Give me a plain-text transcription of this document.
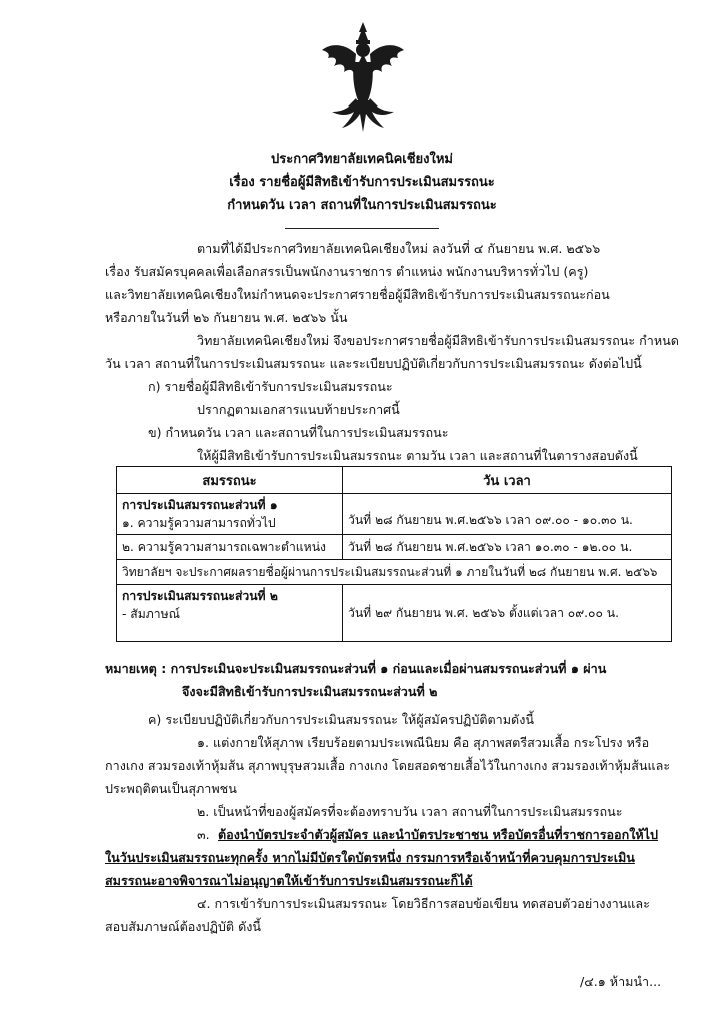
ประกาศวิทยาลัยเทคนิคเชียงใหม่
เรื่อง รายชื่อผู้มีสิทธิเข้ารับการประเมินสมรรถนะ
กำหนดวัน เวลา สถานที่ในการประเมินสมรรถนะ
ตามที่ได้มีประกาศวิทยาลัยเทคนิคเชียงใหม่ ลงวันที่ ๔ กันยายน พ.ศ. ๒๕๖๖
เรื่อง รับสมัครบุคคลเพื่อเลือกสรรเป็นพนักงานราชการ ตำแหน่ง พนักงานบริหารทั่วไป (ครู)
และวิทยาลัยเทคนิคเชียงใหม่กำหนดจะประกาศรายชื่อผู้มีสิทธิเข้ารับการประเมินสมรรถนะก่อน
หรือภายในวันที่ ๒๖ กันยายน พ.ศ. ๒๕๖๖ นั้น
วิทยาลัยเทคนิคเชียงใหม่ จึงขอประกาศรายชื่อผู้มีสิทธิเข้ารับการประเมินสมรรถนะ กำหนด
วัน เวลา สถานที่ในการประเมินสมรรถนะ และระเบียบปฏิบัติเกี่ยวกับการประเมินสมรรถนะ ดังต่อไปนี้
ก) รายชื่อผู้มีสิทธิเข้ารับการประเมินสมรรถนะ
ปรากฏตามเอกสารแนบท้ายประกาศนี้
ข) กำหนดวัน เวลา และสถานที่ในการประเมินสมรรถนะ
ให้ผู้มีสิทธิเข้ารับการประเมินสมรรถนะ ตามวัน เวลา และสถานที่ในตารางสอบดังนี้
สมรรถนะ	วัน เวลา

การประเมินสมรรถนะส่วนที่ ๑
๑. ความรู้ความสามารถทั่วไป	วันที่ ๒๘ กันยายน พ.ศ.๒๕๖๖ เวลา ๐๙.๐๐ - ๑๐.๓๐ น.
๒. ความรู้ความสามารถเฉพาะตำแหน่ง	วันที่ ๒๘ กันยายน พ.ศ.๒๕๖๖ เวลา ๑๐.๓๐ - ๑๒.๐๐ น.
วิทยาลัยฯ จะประกาศผลรายชื่อผู้ผ่านการประเมินสมรรถนะส่วนที่ ๑ ภายในวันที่ ๒๘ กันยายน พ.ศ. ๒๕๖๖	

การประเมินสมรรถนะส่วนที่ ๒
- สัมภาษณ์	วันที่ ๒๙ กันยายน พ.ศ. ๒๕๖๖ ตั้งแต่เวลา ๐๙.๐๐ น.
หมายเหตุ : การประเมินจะประเมินสมรรถนะส่วนที่ ๑ ก่อนและเมื่อผ่านสมรรถนะส่วนที่ ๑ ผ่าน
จึงจะมีสิทธิเข้ารับการประเมินสมรรถนะส่วนที่ ๒
ค) ระเบียบปฏิบัติเกี่ยวกับการประเมินสมรรถนะ ให้ผู้สมัครปฏิบัติตามดังนี้
๑. แต่งกายให้สุภาพ เรียบร้อยตามประเพณีนิยม คือ สุภาพสตรีสวมเสื้อ กระโปรง หรือ
กางเกง สวมรองเท้าหุ้มส้น สุภาพบุรุษสวมเสื้อ กางเกง โดยสอดชายเสื้อไว้ในกางเกง สวมรองเท้าหุ้มส้นและ
ประพฤติตนเป็นสุภาพชน
๒. เป็นหน้าที่ของผู้สมัครที่จะต้องทราบวัน เวลา สถานที่ในการประเมินสมรรถนะ
๓. ต้องนำบัตรประจำตัวผู้สมัคร และนำบัตรประชาชน หรือบัตรอื่นที่ราชการออกให้ไป
ในวันประเมินสมรรถนะทุกครั้ง หากไม่มีบัตรใดบัตรหนึ่ง กรรมการหรือเจ้าหน้าที่ควบคุมการประเมิน
สมรรถนะอาจพิจารณาไม่อนุญาตให้เข้ารับการประเมินสมรรถนะก็ได้
๔. การเข้ารับการประเมินสมรรถนะ โดยวิธีการสอบข้อเขียน ทดสอบตัวอย่างงานและ
สอบสัมภาษณ์ต้องปฏิบัติ ดังนี้
/๔.๑ ห้ามนำ...
